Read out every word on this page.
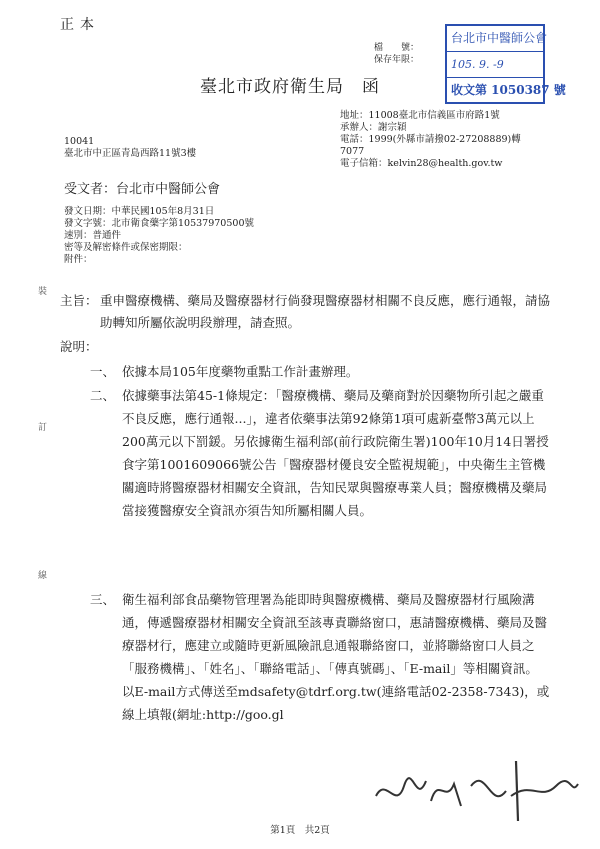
正本
檔　　號：
保存年限：
台北市中醫師公會
105. 9. -9
收文第 1050387 號
臺北市政府衛生局　函
地址：11008臺北市信義區市府路1號
承辦人：謝宗穎
電話：1999(外縣市請撥02-27208889)轉7077
電子信箱：kelvin28@health.gov.tw
10041
臺北市中正區青島西路11號3樓
受文者：台北市中醫師公會
發文日期：中華民國105年8月31日
發文字號：北市衛食藥字第10537970500號
速別：普通件
密等及解密條件或保密期限：
附件：
裝
訂
線
主旨： 重申醫療機構、藥局及醫療器材行倘發現醫療器材相關不良反應，應行通報，請協助轉知所屬依說明段辦理，請查照。
說明：
一、 依據本局105年度藥物重點工作計畫辦理。
二、 依據藥事法第45-1條規定：「醫療機構、藥局及藥商對於因藥物所引起之嚴重不良反應，應行通報...」，違者依藥事法第92條第1項可處新臺幣3萬元以上200萬元以下罰鍰。另依據衛生福利部(前行政院衛生署)100年10月14日署授食字第1001609066號公告「醫療器材優良安全監視規範」，中央衛生主管機關適時將醫療器材相關安全資訊，告知民眾與醫療專業人員；醫療機構及藥局當接獲醫療安全資訊亦須告知所屬相關人員。
三、 衛生福利部食品藥物管理署為能即時與醫療機構、藥局及醫療器材行風險溝通，傳遞醫療器材相關安全資訊至該專責聯絡窗口，惠請醫療機構、藥局及醫療器材行，應建立或隨時更新風險訊息通報聯絡窗口，並將聯絡窗口人員之「服務機構」、「姓名」、「聯絡電話」、「傳真號碼」、「E-mail」等相關資訊。以E-mail方式傳送至mdsafety@tdrf.org.tw(連絡電話02-2358-7343)，或線上填報(網址:http://goo.gl
第1頁　共2頁
